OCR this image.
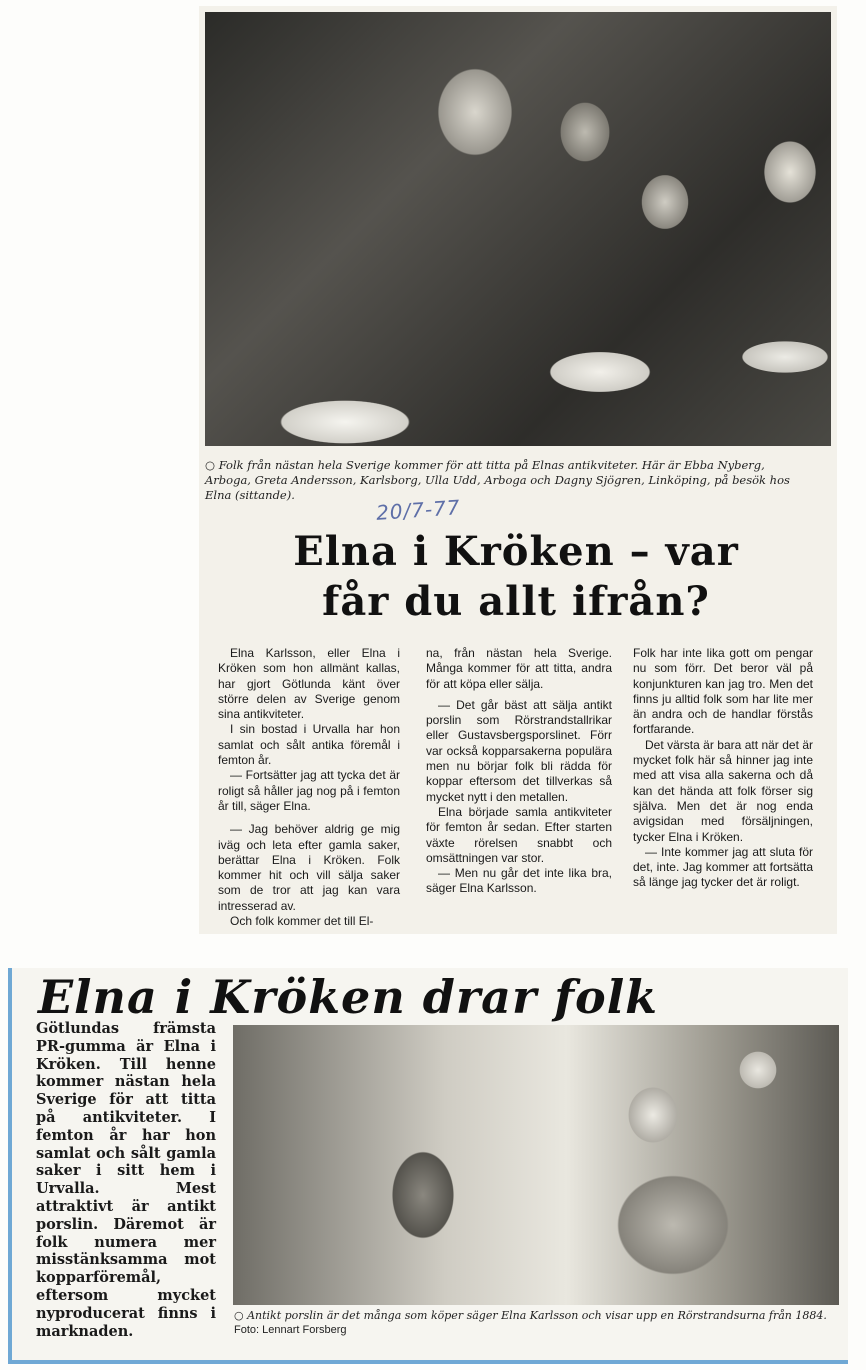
○ Folk från nästan hela Sverige kommer för att titta på Elnas antikviteter. Här är Ebba Nyberg, Arboga, Greta Andersson, Karlsborg, Ulla Udd, Arboga och Dagny Sjögren, Linköping, på besök hos Elna (sittande).
20/7-77
Elna i Kröken – var
får du allt ifrån?

Elna Karlsson, eller Elna i Kröken som hon allmänt kallas, har gjort Götlunda känt över större delen av Sverige genom sina antikviteter.

I sin bostad i Urvalla har hon samlat och sålt antika föremål i femton år.

— Fortsätter jag att tycka det är roligt så håller jag nog på i femton år till, säger Elna.

— Jag behöver aldrig ge mig iväg och leta efter gamla saker, berättar Elna i Kröken. Folk kommer hit och vill sälja saker som de tror att jag kan vara intresserad av.

Och folk kommer det till El-

na, från nästan hela Sverige. Många kommer för att titta, andra för att köpa eller sälja.

— Det går bäst att sälja antikt porslin som Rörstrandstallrikar eller Gustavsbergsporslinet. Förr var också kopparsakerna populära men nu börjar folk bli rädda för koppar eftersom det tillverkas så mycket nytt i den metallen.

Elna började samla antikviteter för femton år sedan. Efter starten växte rörelsen snabbt och omsättningen var stor.

— Men nu går det inte lika bra, säger Elna Karlsson.

Folk har inte lika gott om pengar nu som förr. Det beror väl på konjunkturen kan jag tro. Men det finns ju alltid folk som har lite mer än andra och de handlar förstås fortfarande.

Det värsta är bara att när det är mycket folk här så hinner jag inte med att visa alla sakerna och då kan det hända att folk förser sig själva. Men det är nog enda avigsidan med försäljningen, tycker Elna i Kröken.

— Inte kommer jag att sluta för det, inte. Jag kommer att fortsätta så länge jag tycker det är roligt.

Elna i Kröken drar folk
Götlundas främsta PR-gumma är Elna i Kröken. Till henne kommer nästan hela Sverige för att titta på antikviteter. I femton år har hon samlat och sålt gamla saker i sitt hem i Urvalla. Mest attraktivt är antikt porslin. Däremot är folk numera mer misstänksamma mot kopparföremål, eftersom mycket nyproducerat finns i marknaden.
○ Antikt porslin är det många som köper säger Elna Karlsson och visar upp en Rörstrandsurna från 1884. Foto: Lennart Forsberg
